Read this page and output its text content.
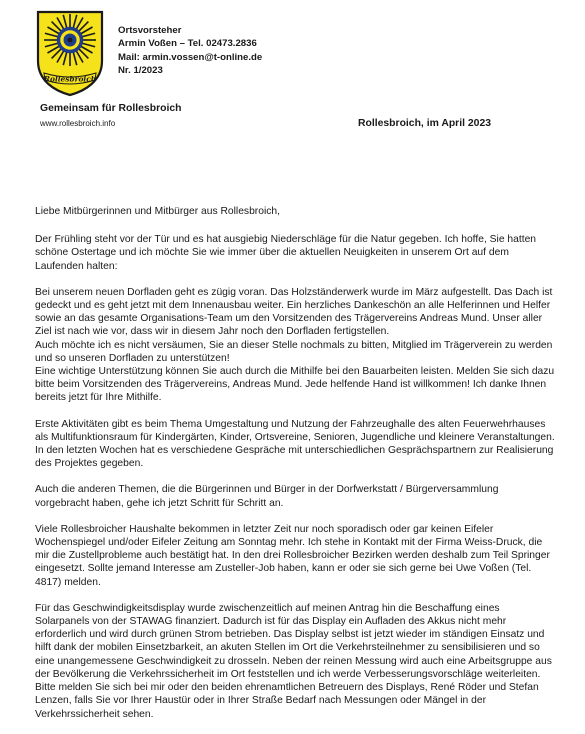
Rollesbroich
Ortsvorsteher
Armin Voßen – Tel. 02473.2836
Mail: armin.vossen@t-online.de
Nr. 1/2023
Gemeinsam für Rollesbroich
www.rollesbroich.info	Rollesbroich, im April 2023

Liebe Mitbürgerinnen und Mitbürger aus Rollesbroich,

Der Frühling steht vor der Tür und es hat ausgiebig Niederschläge für die Natur gegeben. Ich hoffe, Sie hatten schöne Ostertage und ich möchte Sie wie immer über die aktuellen Neuigkeiten in unserem Ort auf dem Laufenden halten:

Bei unserem neuen Dorfladen geht es zügig voran. Das Holzständerwerk wurde im März aufgestellt. Das Dach ist gedeckt und es geht jetzt mit dem Innenausbau weiter. Ein herzliches Dankeschön an alle Helferinnen und Helfer sowie an das gesamte Organisations-Team um den Vorsitzenden des Trägervereins Andreas Mund. Unser aller Ziel ist nach wie vor, dass wir in diesem Jahr noch den Dorfladen fertigstellen.
Auch möchte ich es nicht versäumen, Sie an dieser Stelle nochmals zu bitten, Mitglied im Trägerverein zu werden und so unseren Dorfladen zu unterstützen!
Eine wichtige Unterstützung können Sie auch durch die Mithilfe bei den Bauarbeiten leisten. Melden Sie sich dazu bitte beim Vorsitzenden des Trägervereins, Andreas Mund. Jede helfende Hand ist willkommen! Ich danke Ihnen bereits jetzt für Ihre Mithilfe.

Erste Aktivitäten gibt es beim Thema Umgestaltung und Nutzung der Fahrzeughalle des alten Feuerwehrhauses als Multifunktionsraum für Kindergärten, Kinder, Ortsvereine, Senioren, Jugendliche und kleinere Veranstaltungen. In den letzten Wochen hat es verschiedene Gespräche mit unterschiedlichen Gesprächspartnern zur Realisierung des Projektes gegeben.

Auch die anderen Themen, die die Bürgerinnen und Bürger in der Dorfwerkstatt / Bürgerversammlung vorgebracht haben, gehe ich jetzt Schritt für Schritt an.

Viele Rollesbroicher Haushalte bekommen in letzter Zeit nur noch sporadisch oder gar keinen Eifeler Wochenspiegel und/oder Eifeler Zeitung am Sonntag mehr. Ich stehe in Kontakt mit der Firma Weiss-Druck, die mir die Zustellprobleme auch bestätigt hat. In den drei Rollesbroicher Bezirken werden deshalb zum Teil Springer eingesetzt. Sollte jemand Interesse am Zusteller-Job haben, kann er oder sie sich gerne bei Uwe Voßen (Tel. 4817) melden.

Für das Geschwindigkeitsdisplay wurde zwischenzeitlich auf meinen Antrag hin die Beschaffung eines Solarpanels von der STAWAG finanziert. Dadurch ist für das Display ein Aufladen des Akkus nicht mehr erforderlich und wird durch grünen Strom betrieben. Das Display selbst ist jetzt wieder im ständigen Einsatz und hilft dank der mobilen Einsetzbarkeit, an akuten Stellen im Ort die Verkehrsteilnehmer zu sensibilisieren und so eine unangemessene Geschwindigkeit zu drosseln. Neben der reinen Messung wird auch eine Arbeitsgruppe aus der Bevölkerung die Verkehrssicherheit im Ort feststellen und ich werde Verbesserungsvorschläge weiterleiten. Bitte melden Sie sich bei mir oder den beiden ehrenamtlichen Betreuern des Displays, René Röder und Stefan Lenzen, falls Sie vor Ihrer Haustür oder in Ihrer Straße Bedarf nach Messungen oder Mängel in der Verkehrssicherheit sehen.
